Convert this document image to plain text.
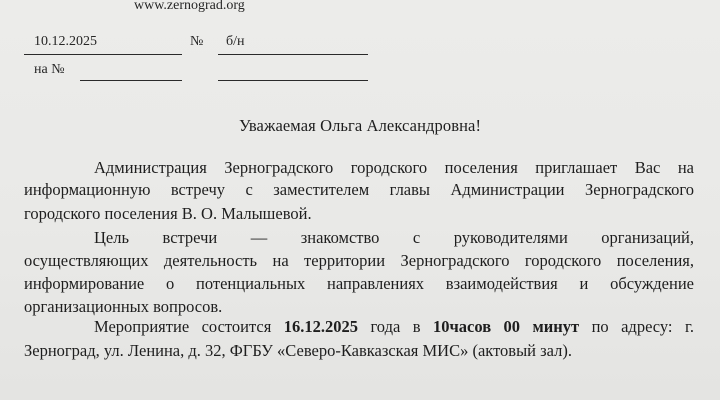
www.zernograd.org
10.12.2025	№ б/н
на №
Уважаемая Ольга Александровна!
Администрация Зерноградского городского поселения приглашает Вас на
информационную встречу с заместителем главы Администрации Зерноградского
городского поселения В. О. Малышевой.
Цель встречи — знакомство с руководителями организаций,
осуществляющих деятельность на территории Зерноградского городского поселения,
информирование о потенциальных направлениях взаимодействия и обсуждение
организационных вопросов.
Мероприятие состоится 16.12.2025 года в 10часов 00 минут по адресу: г.
Зерноград, ул. Ленина, д. 32, ФГБУ «Северо-Кавказская МИС» (актовый зал).
